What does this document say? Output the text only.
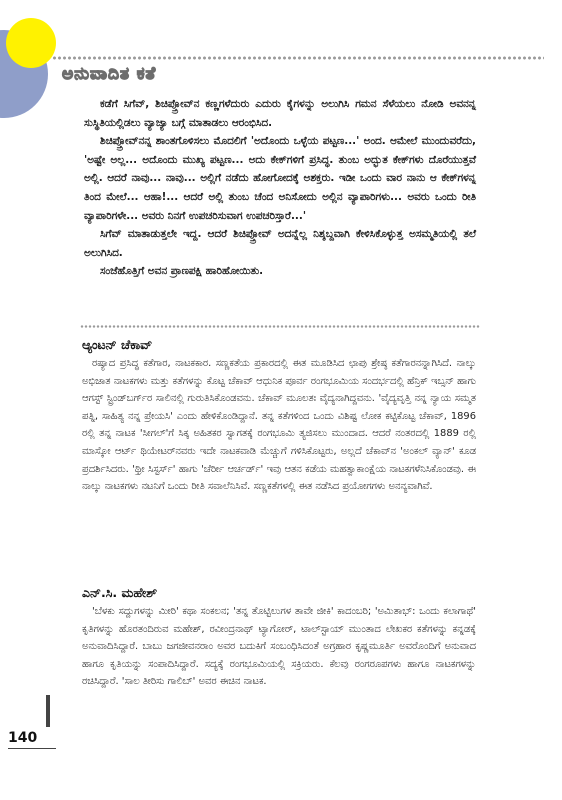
ಅನುವಾದಿತ ಕತೆ

ಕಡೆಗೆ ಸಿಗೆವ್, ಶಿಚಿಪ್ತ್ರೋವ್‌ನ ಕಣ್ಣಗಳೆದುರು ಎದುರು ಕೈಗಳನ್ನು ಅಲುಗಿಸಿ ಗಮನ ಸೆಳೆಯಲು ನೋಡಿ ಅವನನ್ನ ಸುಸ್ಥಿತಿಯಲ್ಲಿಡಲು ವ್ಯಾಜ್ಯಾ ಬಗ್ಗೆ ಮಾತಾಡಲು ಆರಂಭಿಸಿದ.

ಶಿಚಿಪ್ತ್ರೋವ್‌ನನ್ನ ಶಾಂತಗೊಳಿಸಲು ಮೊದಲಿಗೆ 'ಅದೊಂದು ಒಳ್ಳೆಯ ಪಟ್ಟಣ...' ಅಂದ. ಆಮೇಲೆ ಮುಂದುವರೆದು, 'ಅಷ್ಟೇ ಅಲ್ಲ... ಅದೊಂದು ಮುಖ್ಯ ಪಟ್ಟಣ... ಅದು ಕೇಕ್‌ಗಳಿಗೆ ಪ್ರಸಿದ್ಧ. ತುಂಬ ಅದ್ಭುತ ಕೇಕ್‌ಗಳು ದೊರೆಯುತ್ತವೆ ಅಲ್ಲಿ. ಆದರೆ ನಾವು... ನಾವು... ಅಲ್ಲಿಗೆ ನಡೆದು ಹೋಗೋದಕ್ಕೆ ಅಶಕ್ತರು. ಇಡೀ ಒಂದು ವಾರ ನಾನು ಆ ಕೇಕ್‌ಗಳನ್ನ ತಿಂದ ಮೇಲೆ... ಆಹಾ!... ಆದರೆ ಅಲ್ಲಿ ತುಂಬ ಚೆಂದ ಅನಿಸೋದು ಅಲ್ಲಿನ ವ್ಯಾಪಾರಿಗಳು... ಅವರು ಒಂದು ರೀತಿ ವ್ಯಾಪಾರಿಗಳೇ... ಅವರು ನಿನಗೆ ಉಪಚರಿಸುವಾಗ ಉಪಚರಿಸ್ತಾರೆ...'

ಸಿಗೆವ್ ಮಾತಾಡುತ್ತಲೇ ಇದ್ದ. ಆದರೆ ಶಿಚಿಪ್ತ್ರೋವ್ ಅದನ್ನೆಲ್ಲ ನಿಶ್ಶಬ್ದವಾಗಿ ಕೇಳಿಸಿಕೊಳ್ಳುತ್ತ ಅಸಮ್ಮತಿಯಲ್ಲಿ ತಲೆ ಅಲುಗಿಸಿದ.

ಸಂಜೆಹೊತ್ತಿಗೆ ಅವನ ಪ್ರಾಣಪಕ್ಷಿ ಹಾರಿಹೋಯಿತು.

ಆ್ಯಂಟನ್ ಚೆಕಾವ್

ರಷ್ಯಾದ ಪ್ರಸಿದ್ಧ ಕತೆಗಾರ, ನಾಟಕಕಾರ. ಸಣ್ಣಕತೆಯ ಪ್ರಕಾರದಲ್ಲಿ ಈತ ಮೂಡಿಸಿದ ಛಾಪು ಶ್ರೇಷ್ಠ ಕತೆಗಾರನನ್ನಾಗಿಸಿದೆ. ನಾಲ್ಕು ಅಭಿಜಾತ ನಾಟಕಗಳು ಮತ್ತು ಕತೆಗಳನ್ನು ಕೊಟ್ಟ ಚೆಕಾವ್ ಆಧುನಿಕ ಪೂರ್ವ ರಂಗಭೂಮಿಯ ಸಂದರ್ಭದಲ್ಲಿ ಹೆನ್ರಿಕ್ ಇಬ್ಸನ್ ಹಾಗು ಆಗಸ್ಟ್ ಸ್ಟ್ರಿಂಡ್‌ಬರ್ಗ್‌ರ ಸಾಲಿನಲ್ಲಿ ಗುರುತಿಸಿಕೊಂಡವನು. ಚೆಕಾವ್ ಮೂಲತಃ ವೈದ್ಯನಾಗಿದ್ದವನು. 'ವೈದ್ಯವೃತ್ತಿ ನನ್ನ ನ್ಯಾಯ ಸಮ್ಮತ ಪತ್ನಿ, ಸಾಹಿತ್ಯ ನನ್ನ ಪ್ರೇಯಸಿ' ಎಂದು ಹೇಳಿಕೊಂಡಿದ್ದಾನೆ. ತನ್ನ ಕತೆಗಳಿಂದ ಒಂದು ವಿಶಿಷ್ಟ ಲೋಕ ಕಟ್ಟಿಕೊಟ್ಟ ಚೆಕಾವ್, 1896 ರಲ್ಲಿ ತನ್ನ ನಾಟಕ 'ಸೀಗಲ್'ಗೆ ಸಿಕ್ಕ ಅಹಿತಕರ ಸ್ವಾಗತಕ್ಕೆ ರಂಗಭೂಮಿ ತ್ಯಜಿಸಲು ಮುಂದಾದ. ಆದರೆ ನಂತರದಲ್ಲಿ 1889 ರಲ್ಲಿ ಮಾಸ್ಕೋ ಆರ್ಟ್ ಥಿಯೇಟರ್‌ನವರು ಇದೇ ನಾಟಕವಾಡಿ ಮೆಚ್ಚುಗೆ ಗಳಿಸಿಕೊಟ್ಟರು, ಅಲ್ಲದೆ ಚೆಕಾವ್‌ನ 'ಅಂಕಲ್ ವ್ಯಾನ್' ಕೂಡ ಪ್ರದರ್ಶಿಸಿದರು. 'ಥ್ರೀ ಸಿಸ್ಟರ್ಸ್' ಹಾಗು 'ಚೆರ್ರೀ ಆರ್ಚರ್ಡ್' ಇವು ಆತನ ಕಡೆಯ ಮಹತ್ವಾಕಾಂಕ್ಷೆಯ ನಾಟಕಗಳೆನಿಸಿಕೊಂಡವು. ಈ ನಾಲ್ಕು ನಾಟಕಗಳು ನಟನಿಗೆ ಒಂದು ರೀತಿ ಸವಾಲೆನಿಸಿವೆ. ಸಣ್ಣಕತೆಗಳಲ್ಲಿ ಈತ ನಡೆಸಿದ ಪ್ರಯೋಗಗಳು ಅನನ್ಯವಾಗಿವೆ.

ಎನ್.ಸಿ. ಮಹೇಶ್

'ಬೆಳಕು ಸದ್ದುಗಳನ್ನು ಮೀರಿ' ಕಥಾ ಸಂಕಲನ; 'ತನ್ನ ತೊಟ್ಟಿಲುಗಳ ತಾವೇ ಜೀಕಿ' ಕಾದಂಬರಿ; 'ಅಮಿತಾಭ್: ಒಂದು ಕಲಾಗಾಥೆ' ಕೃತಿಗಳನ್ನು ಹೊರತಂದಿರುವ ಮಹೇಶ್, ರವೀಂದ್ರನಾಥ್ ಟ್ಯಾಗೋರ್, ಟಾಲ್‌ಸ್ಟಾಯ್ ಮುಂತಾದ ಲೇಖಕರ ಕತೆಗಳನ್ನು ಕನ್ನಡಕ್ಕೆ ಅನುವಾದಿಸಿದ್ದಾರೆ. ಬಾಬು ಜಗಜೀವನರಾಂ ಅವರ ಬದುಕಿಗೆ ಸಂಬಂಧಿಸಿದಂತೆ ಅಗ್ರಹಾರ ಕೃಷ್ಣಮೂರ್ತಿ ಅವರೊಂದಿಗೆ ಅನುವಾದ ಹಾಗೂ ಕೃತಿಯನ್ನು ಸಂಪಾದಿಸಿದ್ದಾರೆ. ಸದ್ಯಕ್ಕೆ ರಂಗಭೂಮಿಯಲ್ಲಿ ಸಕ್ರಿಯರು. ಕೆಲವು ರಂಗರೂಪಗಳು ಹಾಗೂ ನಾಟಕಗಳನ್ನು ರಚಿಸಿದ್ದಾರೆ. 'ಸಾಲ ತೀರಿಸು ಗಾಲಿಬ್' ಅವರ ಈಚಿನ ನಾಟಕ.

140
